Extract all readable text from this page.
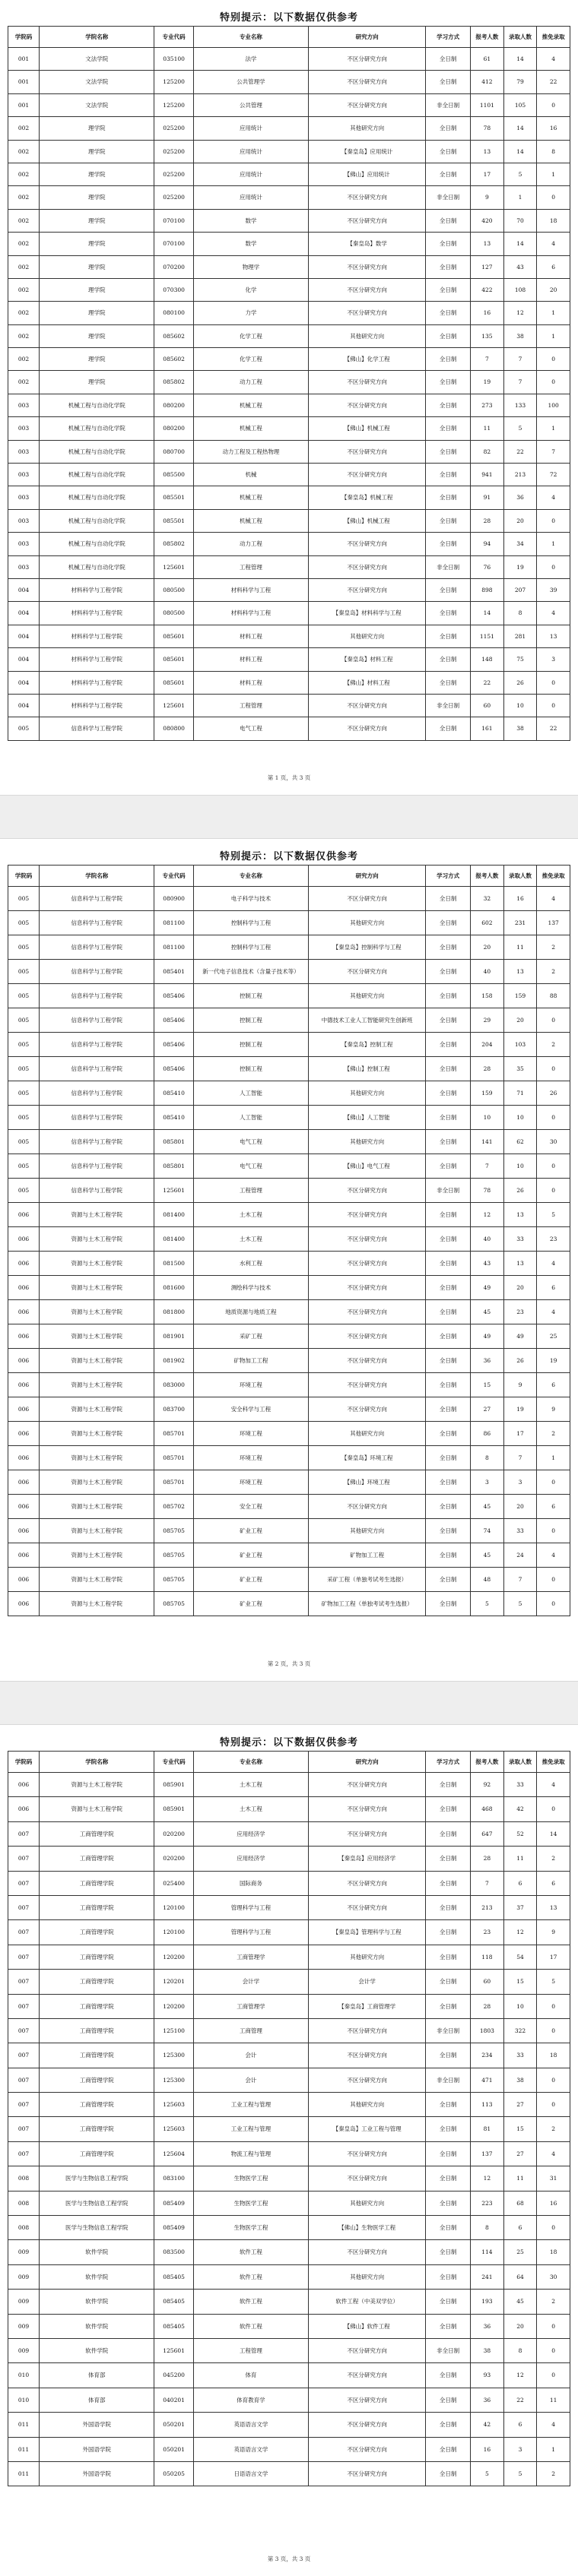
特别提示：以下数据仅供参考
学院码	学院名称	专业代码	专业名称	研究方向	学习方式	报考人数	录取人数	推免录取
001	文法学院	035100	法学	不区分研究方向	全日制	61	14	4
001	文法学院	125200	公共管理学	不区分研究方向	全日制	412	79	22
001	文法学院	125200	公共管理	不区分研究方向	非全日制	1101	105	0
002	理学院	025200	应用统计	其他研究方向	全日制	78	14	16
002	理学院	025200	应用统计	【秦皇岛】应用统计	全日制	13	14	8
002	理学院	025200	应用统计	【佛山】应用统计	全日制	17	5	1
002	理学院	025200	应用统计	不区分研究方向	非全日制	9	1	0
002	理学院	070100	数学	不区分研究方向	全日制	420	70	18
002	理学院	070100	数学	【秦皇岛】数学	全日制	13	14	4
002	理学院	070200	物理学	不区分研究方向	全日制	127	43	6
002	理学院	070300	化学	不区分研究方向	全日制	422	108	20
002	理学院	080100	力学	不区分研究方向	全日制	16	12	1
002	理学院	085602	化学工程	其他研究方向	全日制	135	38	1
002	理学院	085602	化学工程	【佛山】化学工程	全日制	7	7	0
002	理学院	085802	动力工程	不区分研究方向	全日制	19	7	0
003	机械工程与自动化学院	080200	机械工程	不区分研究方向	全日制	273	133	100
003	机械工程与自动化学院	080200	机械工程	【佛山】机械工程	全日制	11	5	1
003	机械工程与自动化学院	080700	动力工程及工程热物理	不区分研究方向	全日制	82	22	7
003	机械工程与自动化学院	085500	机械	不区分研究方向	全日制	941	213	72
003	机械工程与自动化学院	085501	机械工程	【秦皇岛】机械工程	全日制	91	36	4
003	机械工程与自动化学院	085501	机械工程	【佛山】机械工程	全日制	28	20	0
003	机械工程与自动化学院	085802	动力工程	不区分研究方向	全日制	94	34	1
003	机械工程与自动化学院	125601	工程管理	不区分研究方向	非全日制	76	19	0
004	材料科学与工程学院	080500	材料科学与工程	不区分研究方向	全日制	898	207	39
004	材料科学与工程学院	080500	材料科学与工程	【秦皇岛】材料科学与工程	全日制	14	8	4
004	材料科学与工程学院	085601	材料工程	其他研究方向	全日制	1151	281	13
004	材料科学与工程学院	085601	材料工程	【秦皇岛】材料工程	全日制	148	75	3
004	材料科学与工程学院	085601	材料工程	【佛山】材料工程	全日制	22	26	0
004	材料科学与工程学院	125601	工程管理	不区分研究方向	非全日制	60	10	0
005	信息科学与工程学院	080800	电气工程	不区分研究方向	全日制	161	38	22
第 1 页，共 3 页
特别提示：以下数据仅供参考
学院码	学院名称	专业代码	专业名称	研究方向	学习方式	报考人数	录取人数	推免录取
005	信息科学与工程学院	080900	电子科学与技术	不区分研究方向	全日制	32	16	4
005	信息科学与工程学院	081100	控制科学与工程	其他研究方向	全日制	602	231	137
005	信息科学与工程学院	081100	控制科学与工程	【秦皇岛】控制科学与工程	全日制	20	11	2
005	信息科学与工程学院	085401	新一代电子信息技术（含量子技术等）	不区分研究方向	全日制	40	13	2
005	信息科学与工程学院	085406	控制工程	其他研究方向	全日制	158	159	88
005	信息科学与工程学院	085406	控制工程	中德技术工业人工智能研究生创新班	全日制	29	20	0
005	信息科学与工程学院	085406	控制工程	【秦皇岛】控制工程	全日制	204	103	2
005	信息科学与工程学院	085406	控制工程	【佛山】控制工程	全日制	28	35	0
005	信息科学与工程学院	085410	人工智能	其他研究方向	全日制	159	71	26
005	信息科学与工程学院	085410	人工智能	【佛山】人工智能	全日制	10	10	0
005	信息科学与工程学院	085801	电气工程	其他研究方向	全日制	141	62	30
005	信息科学与工程学院	085801	电气工程	【佛山】电气工程	全日制	7	10	0
005	信息科学与工程学院	125601	工程管理	不区分研究方向	非全日制	78	26	0
006	资源与土木工程学院	081400	土木工程	不区分研究方向	全日制	12	13	5
006	资源与土木工程学院	081400	土木工程	不区分研究方向	全日制	40	33	23
006	资源与土木工程学院	081500	水利工程	不区分研究方向	全日制	43	13	4
006	资源与土木工程学院	081600	测绘科学与技术	不区分研究方向	全日制	49	20	6
006	资源与土木工程学院	081800	地质资源与地质工程	不区分研究方向	全日制	45	23	4
006	资源与土木工程学院	081901	采矿工程	不区分研究方向	全日制	49	49	25
006	资源与土木工程学院	081902	矿物加工工程	不区分研究方向	全日制	36	26	19
006	资源与土木工程学院	083000	环境工程	不区分研究方向	全日制	15	9	6
006	资源与土木工程学院	083700	安全科学与工程	不区分研究方向	全日制	27	19	9
006	资源与土木工程学院	085701	环境工程	其他研究方向	全日制	86	17	2
006	资源与土木工程学院	085701	环境工程	【秦皇岛】环境工程	全日制	8	7	1
006	资源与土木工程学院	085701	环境工程	【佛山】环境工程	全日制	3	3	0
006	资源与土木工程学院	085702	安全工程	不区分研究方向	全日制	45	20	6
006	资源与土木工程学院	085705	矿业工程	其他研究方向	全日制	74	33	0
006	资源与土木工程学院	085705	矿业工程	矿物加工工程	全日制	45	24	4
006	资源与土木工程学院	085705	矿业工程	采矿工程（单独考试考生选报）	全日制	48	7	0
006	资源与土木工程学院	085705	矿业工程	矿物加工工程（单独考试考生选报）	全日制	5	5	0
第 2 页，共 3 页
特别提示：以下数据仅供参考
学院码	学院名称	专业代码	专业名称	研究方向	学习方式	报考人数	录取人数	推免录取
006	资源与土木工程学院	085901	土木工程	不区分研究方向	全日制	92	33	4
006	资源与土木工程学院	085901	土木工程	不区分研究方向	全日制	468	42	0
007	工商管理学院	020200	应用经济学	不区分研究方向	全日制	647	52	14
007	工商管理学院	020200	应用经济学	【秦皇岛】应用经济学	全日制	28	11	2
007	工商管理学院	025400	国际商务	不区分研究方向	全日制	7	6	6
007	工商管理学院	120100	管理科学与工程	不区分研究方向	全日制	213	37	13
007	工商管理学院	120100	管理科学与工程	【秦皇岛】管理科学与工程	全日制	23	12	9
007	工商管理学院	120200	工商管理学	其他研究方向	全日制	118	54	17
007	工商管理学院	120201	会计学	会计学	全日制	60	15	5
007	工商管理学院	120200	工商管理学	【秦皇岛】工商管理学	全日制	28	10	0
007	工商管理学院	125100	工商管理	不区分研究方向	非全日制	1803	322	0
007	工商管理学院	125300	会计	不区分研究方向	全日制	234	33	18
007	工商管理学院	125300	会计	不区分研究方向	非全日制	471	38	0
007	工商管理学院	125603	工业工程与管理	其他研究方向	全日制	113	27	0
007	工商管理学院	125603	工业工程与管理	【秦皇岛】工业工程与管理	全日制	81	15	2
007	工商管理学院	125604	物流工程与管理	不区分研究方向	全日制	137	27	4
008	医学与生物信息工程学院	083100	生物医学工程	不区分研究方向	全日制	12	11	31
008	医学与生物信息工程学院	085409	生物医学工程	其他研究方向	全日制	223	68	16
008	医学与生物信息工程学院	085409	生物医学工程	【佛山】生物医学工程	全日制	8	6	0
009	软件学院	083500	软件工程	不区分研究方向	全日制	114	25	18
009	软件学院	085405	软件工程	其他研究方向	全日制	241	64	30
009	软件学院	085405	软件工程	软件工程（中美双学位）	全日制	193	45	2
009	软件学院	085405	软件工程	【佛山】软件工程	全日制	36	20	0
009	软件学院	125601	工程管理	不区分研究方向	非全日制	38	8	0
010	体育部	045200	体育	不区分研究方向	全日制	93	12	0
010	体育部	040201	体育教育学	不区分研究方向	全日制	36	22	11
011	外国语学院	050201	英语语言文学	不区分研究方向	全日制	42	6	4
011	外国语学院	050201	英语语言文学	不区分研究方向	全日制	16	3	1
011	外国语学院	050205	日语语言文学	不区分研究方向	全日制	5	5	2
第 3 页，共 3 页
